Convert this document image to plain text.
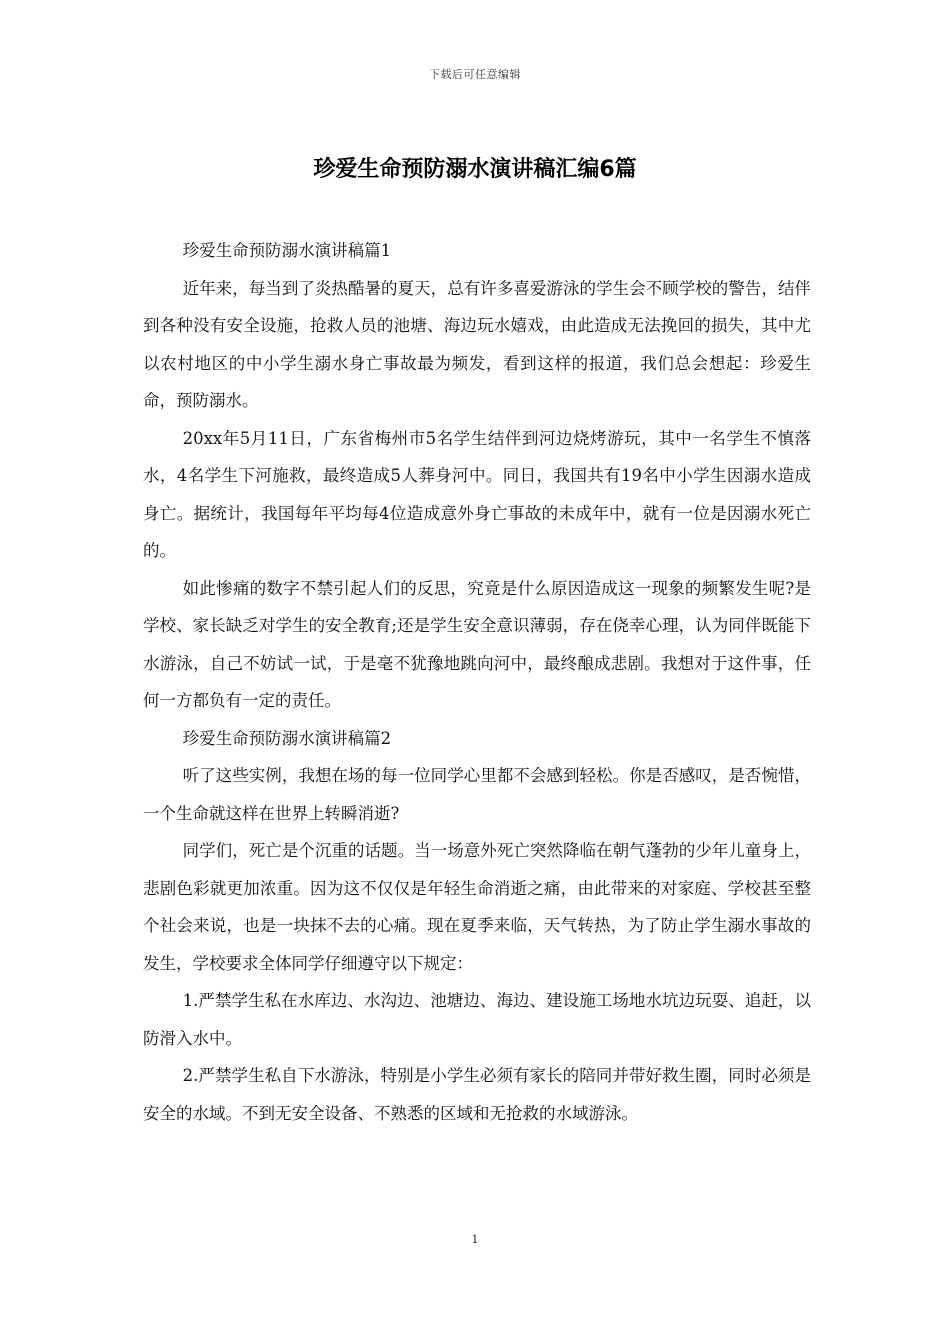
下载后可任意编辑
珍爱生命预防溺水演讲稿汇编6篇

珍爱生命预防溺水演讲稿篇1

近年来，每当到了炎热酷暑的夏天，总有许多喜爱游泳的学生会不顾学校的警告，结伴到各种没有安全设施，抢救人员的池塘、海边玩水嬉戏，由此造成无法挽回的损失，其中尤以农村地区的中小学生溺水身亡事故最为频发，看到这样的报道，我们总会想起：珍爱生命，预防溺水。

20xx年5月11日，广东省梅州市5名学生结伴到河边烧烤游玩，其中一名学生不慎落水，4名学生下河施救，最终造成5人葬身河中。同日，我国共有19名中小学生因溺水造成身亡。据统计，我国每年平均每4位造成意外身亡事故的未成年中，就有一位是因溺水死亡的。

如此惨痛的数字不禁引起人们的反思，究竟是什么原因造成这一现象的频繁发生呢?是学校、家长缺乏对学生的安全教育;还是学生安全意识薄弱，存在侥幸心理，认为同伴既能下水游泳，自己不妨试一试，于是毫不犹豫地跳向河中，最终酿成悲剧。我想对于这件事，任何一方都负有一定的责任。

珍爱生命预防溺水演讲稿篇2

听了这些实例，我想在场的每一位同学心里都不会感到轻松。你是否感叹，是否惋惜，一个生命就这样在世界上转瞬消逝?

同学们，死亡是个沉重的话题。当一场意外死亡突然降临在朝气蓬勃的少年儿童身上，悲剧色彩就更加浓重。因为这不仅仅是年轻生命消逝之痛，由此带来的对家庭、学校甚至整个社会来说，也是一块抹不去的心痛。现在夏季来临，天气转热，为了防止学生溺水事故的发生，学校要求全体同学仔细遵守以下规定：

1.严禁学生私在水库边、水沟边、池塘边、海边、建设施工场地水坑边玩耍、追赶，以防滑入水中。

2.严禁学生私自下水游泳，特别是小学生必须有家长的陪同并带好救生圈，同时必须是安全的水域。不到无安全设备、不熟悉的区域和无抢救的水域游泳。

1
